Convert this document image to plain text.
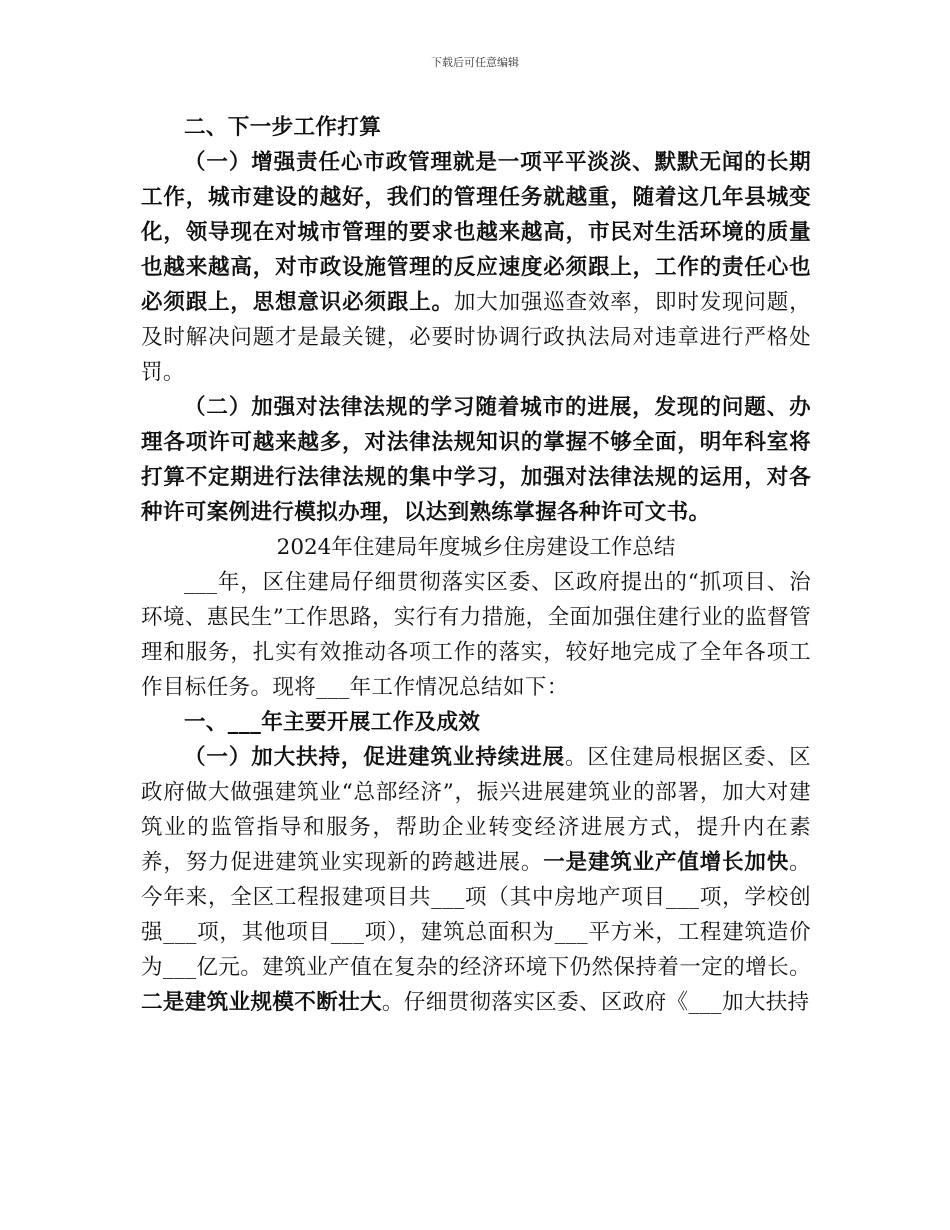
下载后可任意编辑

二、下一步工作打算

（一）增强责任心市政管理就是一项平平淡淡、默默无闻的长期工作，城市建设的越好，我们的管理任务就越重，随着这几年县城变化，领导现在对城市管理的要求也越来越高，市民对生活环境的质量也越来越高，对市政设施管理的反应速度必须跟上，工作的责任心也必须跟上，思想意识必须跟上。加大加强巡查效率，即时发现问题，及时解决问题才是最关键，必要时协调行政执法局对违章进行严格处罚。

（二）加强对法律法规的学习随着城市的进展，发现的问题、办理各项许可越来越多，对法律法规知识的掌握不够全面，明年科室将打算不定期进行法律法规的集中学习，加强对法律法规的运用，对各种许可案例进行模拟办理，以达到熟练掌握各种许可文书。

2024年住建局年度城乡住房建设工作总结

___年，区住建局仔细贯彻落实区委、区政府提出的“抓项目、治环境、惠民生”工作思路，实行有力措施，全面加强住建行业的监督管理和服务，扎实有效推动各项工作的落实，较好地完成了全年各项工作目标任务。现将___年工作情况总结如下：

一、___年主要开展工作及成效

（一）加大扶持，促进建筑业持续进展。区住建局根据区委、区政府做大做强建筑业“总部经济”，振兴进展建筑业的部署，加大对建筑业的监管指导和服务，帮助企业转变经济进展方式，提升内在素养，努力促进建筑业实现新的跨越进展。一是建筑业产值增长加快。今年来，全区工程报建项目共___项（其中房地产项目___项，学校创强___项，其他项目___项），建筑总面积为___平方米，工程建筑造价为___亿元。建筑业产值在复杂的经济环境下仍然保持着一定的增长。二是建筑业规模不断壮大。仔细贯彻落实区委、区政府《___加大扶持
